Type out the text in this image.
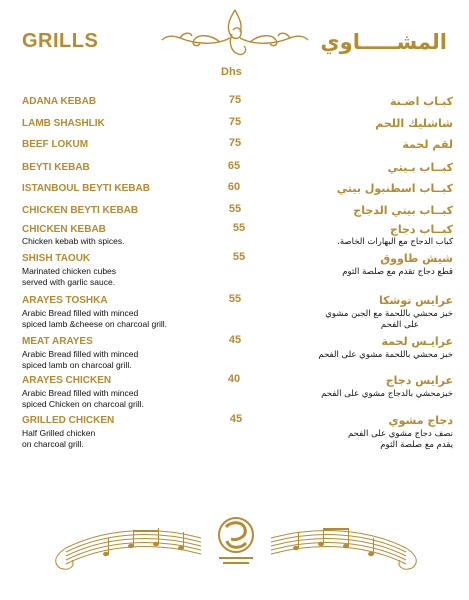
GRILLS	المشـــــاوي
Dhs
ADANA KEBAB	75	كبـاب اضـنة
LAMB SHASHLIK	75	شاشليك اللحم
BEEF LOKUM	75	لقم لحمة
BEYTI KEBAB	65	كبــاب بـيتي
ISTANBOUL BEYTI KEBAB	60	كبــاب اسطنبول بيتي
CHICKEN BEYTI KEBAB	55	كبــاب بيتي الدجاج
CHICKEN KEBAB	55	كبــاب دجاج
Chicken kebab with spices.	كباب الدجاج مع البهارات الخاصة.
SHISH TAOUK	55	شيش طاووق
Marinated chicken cubes
served with garlic sauce.
قطع دجاج تقدم مع صلصة الثوم
ARAYES TOSHKA	55	عرايس توشكا
Arabic Bread filled with minced
spiced lamb &cheese on charcoal grill.
خبز محشي باللحمة مع الجبن مشوي
على الفحم
MEAT ARAYES	45	عرايـس لحمة
Arabic Bread filled with minced
spiced lamb on charcoal grill.
خبز محشي باللحمة مشوي على الفحم
ARAYES CHICKEN	40	عرايس دجاج
Arabic Bread filled with minced
spiced Chicken on charcoal grill.
خبزمحشي بالدجاج مشوي على الفحم
GRILLED CHICKEN	45	دجاج مشوي
Half Grilled chicken
on charcoal grill.
نصف دجاج مشوي على الفحم
يقدم مع صلصة الثوم
